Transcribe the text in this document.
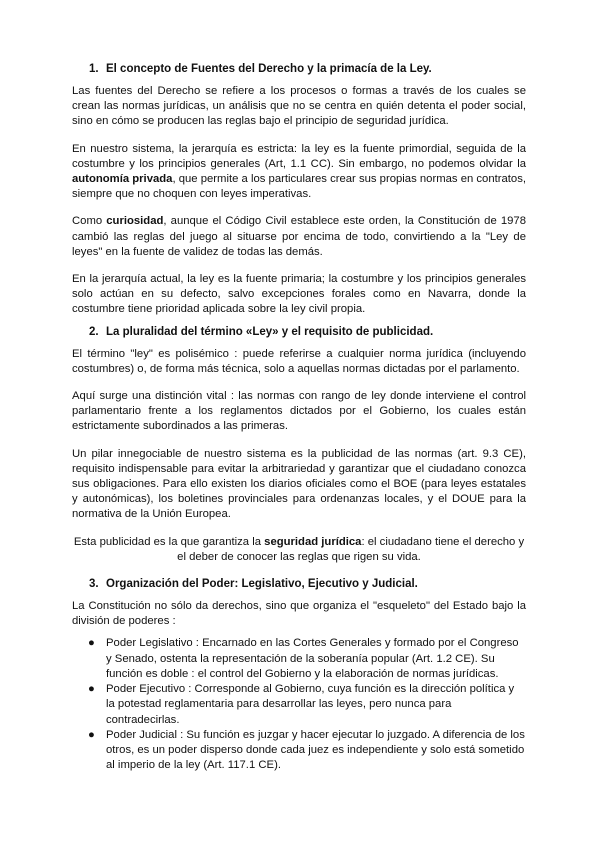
1. El concepto de Fuentes del Derecho y la primacía de la Ley.

Las fuentes del Derecho se refiere a los procesos o formas a través de los cuales se crean las normas jurídicas, un análisis que no se centra en quién detenta el poder social, sino en cómo se producen las reglas bajo el principio de seguridad jurídica.

En nuestro sistema, la jerarquía es estricta: la ley es la fuente primordial, seguida de la costumbre y los principios generales (Art, 1.1 CC). Sin embargo, no podemos olvidar la autonomía privada, que permite a los particulares crear sus propias normas en contratos, siempre que no choquen con leyes imperativas.

Como curiosidad, aunque el Código Civil establece este orden, la Constitución de 1978 cambió las reglas del juego al situarse por encima de todo, convirtiendo a la "Ley de leyes" en la fuente de validez de todas las demás.

En la jerarquía actual, la ley es la fuente primaria; la costumbre y los principios generales solo actúan en su defecto, salvo excepciones forales como en Navarra, donde la costumbre tiene prioridad aplicada sobre la ley civil propia.

2. La pluralidad del término «Ley» y el requisito de publicidad.

El término "ley" es polisémico : puede referirse a cualquier norma jurídica (incluyendo costumbres) o, de forma más técnica, solo a aquellas normas dictadas por el parlamento.

Aquí surge una distinción vital : las normas con rango de ley donde interviene el control parlamentario frente a los reglamentos dictados por el Gobierno, los cuales están estrictamente subordinados a las primeras.

Un pilar innegociable de nuestro sistema es la publicidad de las normas (art. 9.3 CE), requisito indispensable para evitar la arbitrariedad y garantizar que el ciudadano conozca sus obligaciones. Para ello existen los diarios oficiales como el BOE (para leyes estatales y autonómicas), los boletines provinciales para ordenanzas locales, y el DOUE para la normativa de la Unión Europea.

Esta publicidad es la que garantiza la seguridad jurídica: el ciudadano tiene el derecho y el deber de conocer las reglas que rigen su vida.

3. Organización del Poder: Legislativo, Ejecutivo y Judicial.

La Constitución no sólo da derechos, sino que organiza el "esqueleto" del Estado bajo la división de poderes :

● Poder Legislativo : Encarnado en las Cortes Generales y formado por el Congreso y Senado, ostenta la representación de la soberanía popular (Art. 1.2 CE). Su función es doble : el control del Gobierno y la elaboración de normas jurídicas.
● Poder Ejecutivo : Corresponde al Gobierno, cuya función es la dirección política y la potestad reglamentaria para desarrollar las leyes, pero nunca para contradecirlas.
● Poder Judicial : Su función es juzgar y hacer ejecutar lo juzgado. A diferencia de los otros, es un poder disperso donde cada juez es independiente y solo está sometido al imperio de la ley (Art. 117.1 CE).
